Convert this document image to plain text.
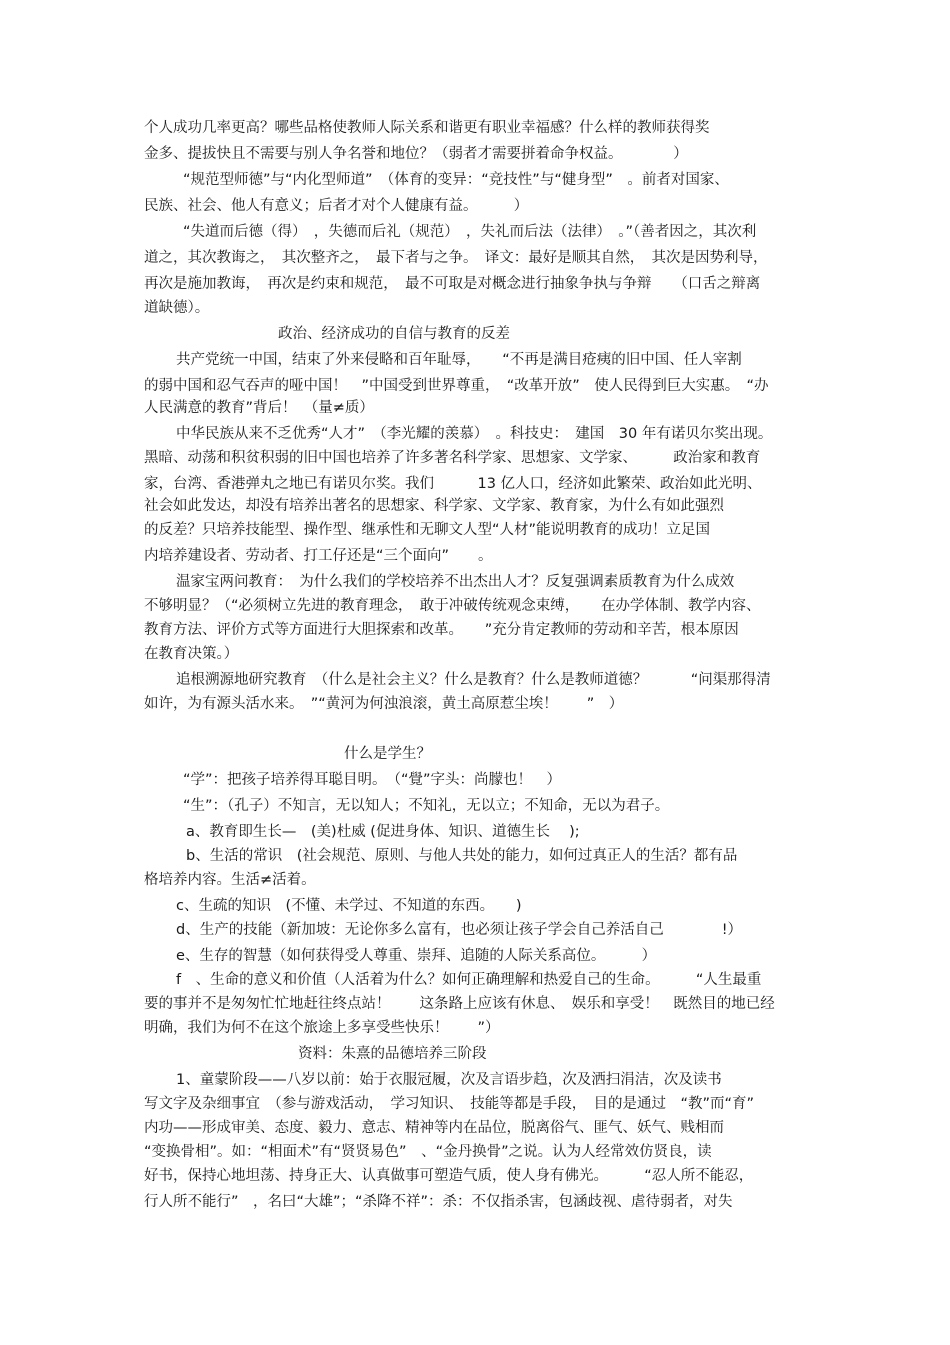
个人成功几率更高？哪些品格使教师人际关系和谐更有职业幸福感？什么样的教师获得奖
金多、提拔快且不需要与别人争名誉和地位？（弱者才需要拼着命争权益。　　　　）
“规范型师德”与“内化型师道”　（体育的变异：“竞技性”与“健身型”　。前者对国家、
民族、社会、他人有意义；后者才对个人健康有益。　　　）
“失道而后德（得）　，失德而后礼（规范）　，失礼而后法（法律）　。”（善者因之，其次利
道之，其次教诲之，　其次整齐之，　最下者与之争。　译文：最好是顺其自然，　其次是因势利导，
再次是施加教诲，　再次是约束和规范，　最不可取是对概念进行抽象争执与争辩　　（口舌之辩离
道缺德）。
政治、经济成功的自信与教育的反差
共产党统一中国，结束了外来侵略和百年耻辱，　　“不再是满目疮痍的旧中国、任人宰割
的弱中国和忍气吞声的哑中国！　”中国受到世界尊重，　“改革开放”　使人民得到巨大实惠。　“办
人民满意的教育”背后！　（量≠质）
中华民族从来不乏优秀“人才”　（李光耀的羡慕）　。科技史：　建国　30 年有诺贝尔奖出现。
黑暗、动荡和积贫积弱的旧中国也培养了许多著名科学家、思想家、文学家、　　　政治家和教育
家，台湾、香港弹丸之地已有诺贝尔奖。我们　　　13 亿人口，经济如此繁荣、政治如此光明、
社会如此发达，却没有培养出著名的思想家、科学家、文学家、教育家，为什么有如此强烈
的反差？只培养技能型、操作型、继承性和无聊文人型“人材”能说明教育的成功！立足国
内培养建设者、劳动者、打工仔还是“三个面向”　　。
温家宝两问教育：　为什么我们的学校培养不出杰出人才？反复强调素质教育为什么成效
不够明显？（“必须树立先进的教育理念，　敢于冲破传统观念束缚，　　在办学体制、教学内容、
教育方法、评价方式等方面进行大胆探索和改革。　　”充分肯定教师的劳动和辛苦，根本原因
在教育决策。）
追根溯源地研究教育　（什么是社会主义？什么是教育？什么是教师道德？　　　“问渠那得清
如许，为有源头活水来。　”“黄河为何浊浪滚，黄土高原惹尘埃！　　”　）
什么是学生？
“学”：把孩子培养得耳聪目明。　（“覺”字头：尚朦也！　）
“生”：（孔子）不知言，无以知人；不知礼，无以立；不知命，无以为君子。
a、教育即生长—　(美)杜威 (促进身体、知识、道德生长　 );
b、生活的常识　(社会规范、原则、与他人共处的能力，如何过真正人的生活？都有品
格培养内容。生活≠活着。
c、生疏的知识　(不懂、未学过、不知道的东西。　　)
d、生产的技能（新加坡：无论你多么富有，也必须让孩子学会自己养活自己　　　　!）
e、生存的智慧（如何获得受人尊重、崇拜、追随的人际关系高位。　　　）
f　、生命的意义和价值（人活着为什么？如何正确理解和热爱自己的生命。　　　“人生最重
要的事并不是匆匆忙忙地赶往终点站！　　这条路上应该有休息、　娱乐和享受！　既然目的地已经
明确，我们为何不在这个旅途上多享受些快乐！　　”）
资料：朱熹的品德培养三阶段
1、童蒙阶段——八岁以前：始于衣服冠履，次及言语步趋，次及洒扫涓洁，次及读书
写文字及杂细事宜　（参与游戏活动，　学习知识、　技能等都是手段，　目的是通过　“教”而“育”
内功——形成审美、态度、毅力、意志、精神等内在品位，脱离俗气、匪气、妖气、贱相而
“变换骨相”。如：“相面术”有“贤贤易色”　、“金丹换骨”之说。认为人经常效仿贤良，读
好书，保持心地坦荡、持身正大、认真做事可塑造气质，使人身有佛光。　　　“忍人所不能忍，
行人所不能行”　，名曰“大雄”；“杀降不祥”：杀：不仅指杀害，包涵歧视、虐待弱者，对失
